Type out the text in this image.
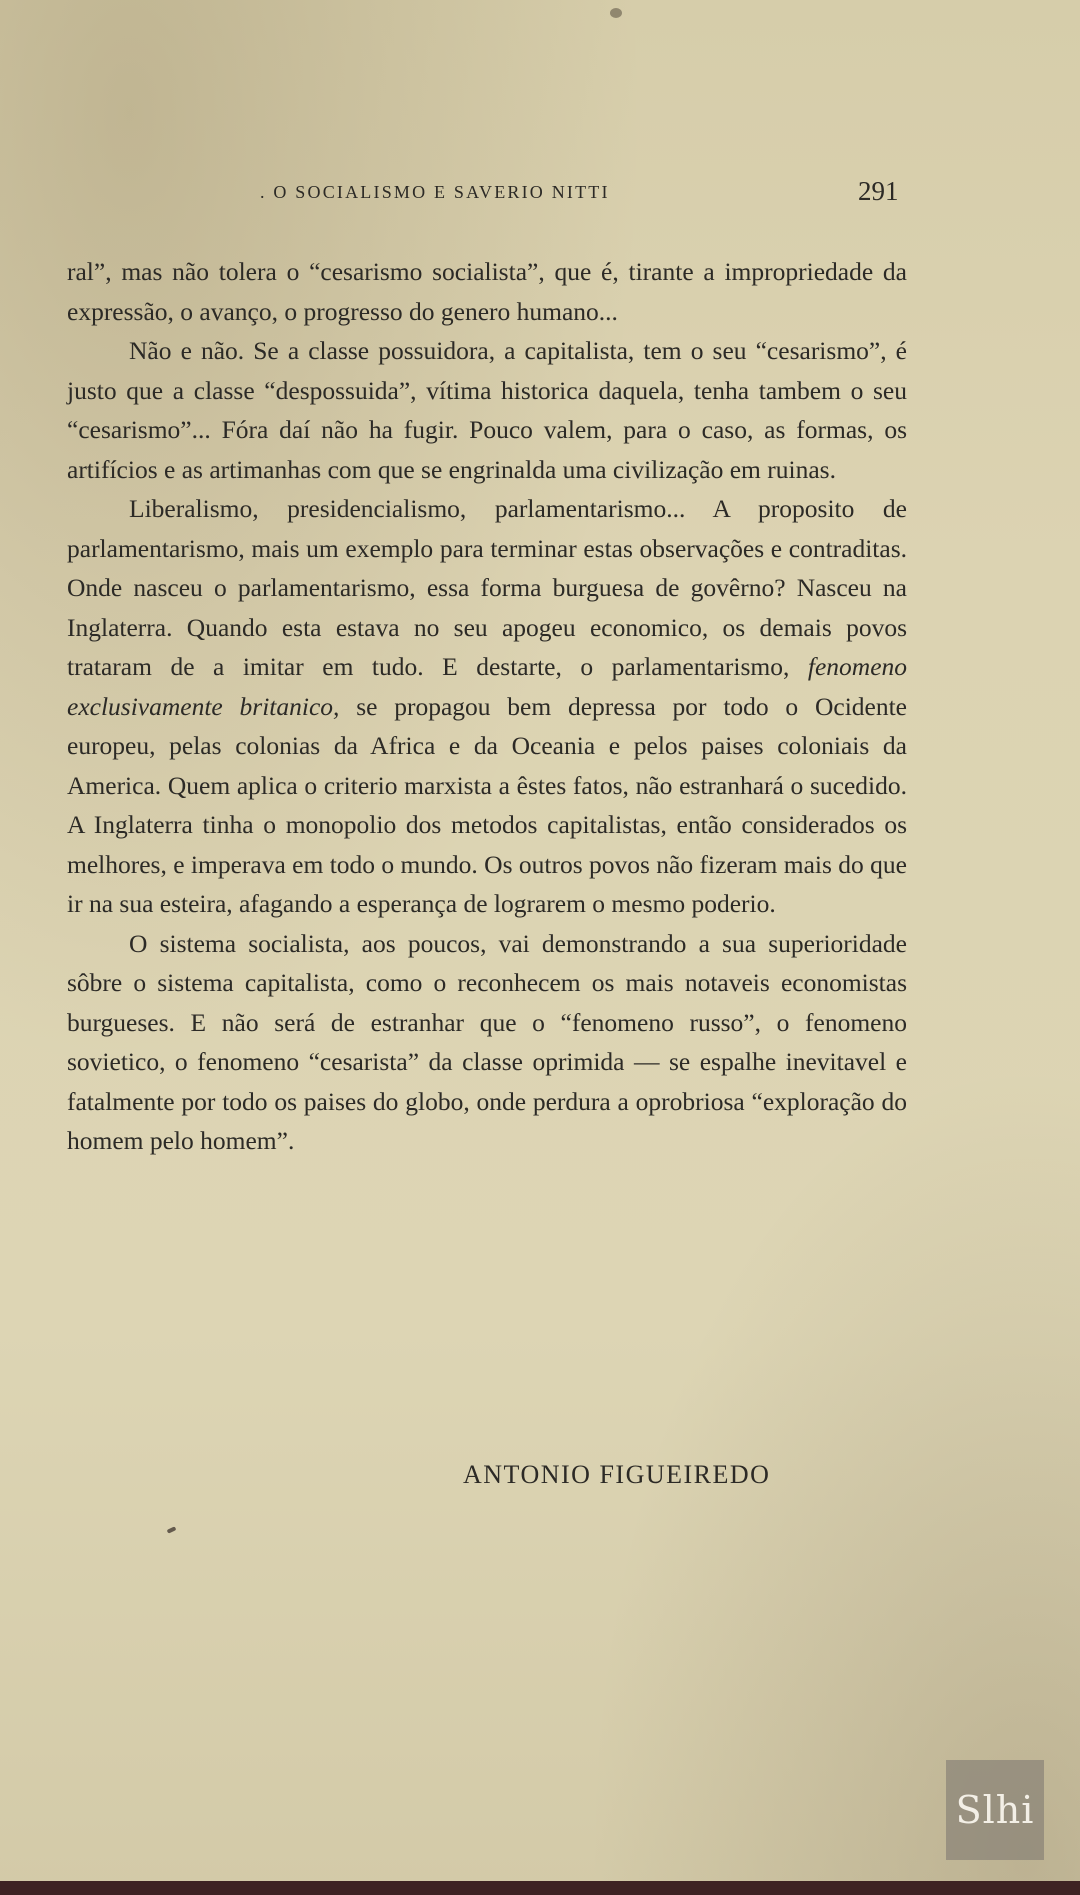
. O SOCIALISMO E SAVERIO NITTI	291

ral”, mas não tolera o “cesarismo socialista”, que é, tirante a impropriedade da expressão, o avanço, o progresso do genero humano...

Não e não. Se a classe possuidora, a capitalista, tem o seu “cesarismo”, é justo que a classe “despossuida”, vítima historica daquela, tenha tambem o seu “cesarismo”... Fóra daí não ha fugir. Pouco valem, para o caso, as formas, os artifícios e as artimanhas com que se engrinalda uma civilização em ruinas.

Liberalismo, presidencialismo, parlamentarismo... A proposito de parlamentarismo, mais um exemplo para terminar estas observações e contraditas. Onde nasceu o parlamentarismo, essa forma burguesa de govêrno? Nasceu na Inglaterra. Quando esta estava no seu apogeu economico, os demais povos trataram de a imitar em tudo. E destarte, o parlamentarismo, fenomeno exclusivamente britanico, se propagou bem depressa por todo o Ocidente europeu, pelas colonias da Africa e da Oceania e pelos paises coloniais da America. Quem aplica o criterio marxista a êstes fatos, não estranhará o sucedido. A Inglaterra tinha o monopolio dos metodos capitalistas, então considerados os melhores, e imperava em todo o mundo. Os outros povos não fizeram mais do que ir na sua esteira, afagando a esperança de lograrem o mesmo poderio.

O sistema socialista, aos poucos, vai demonstrando a sua superioridade sôbre o sistema capitalista, como o reconhecem os mais notaveis economistas burgueses. E não será de estranhar que o “fenomeno russo”, o fenomeno sovietico, o fenomeno “cesarista” da classe oprimida — se espalhe inevitavel e fatalmente por todo os paises do globo, onde perdura a oprobriosa “exploração do homem pelo homem”.

ANTONIO FIGUEIREDO
Slhi
